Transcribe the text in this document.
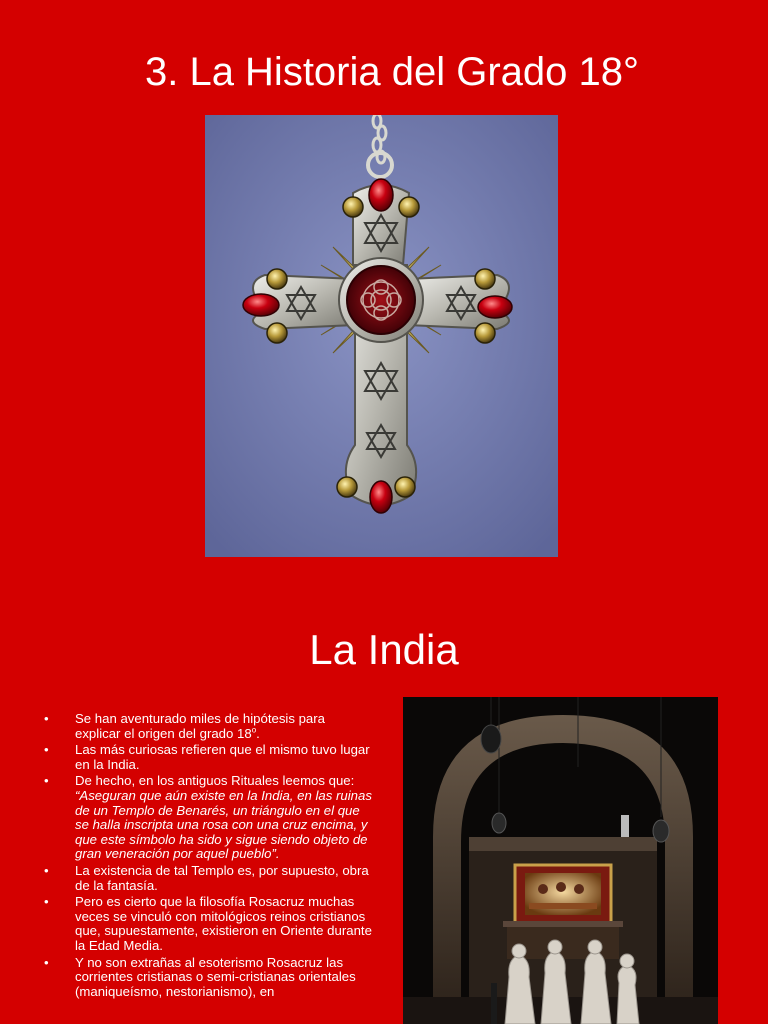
3. La Historia del Grado 18°
La India
• Se han aventurado miles de hipótesis para explicar el origen del grado 18$^o$.
• Las más curiosas refieren que el mismo tuvo lugar en la India.
• De hecho, en los antiguos Rituales leemos que: “Aseguran que aún existe en la India, en las ruinas de un Templo de Benarés, un triángulo en el que se halla inscripta una rosa con una cruz encima, y que este símbolo ha sido y sigue siendo objeto de gran veneración por aquel pueblo”.
• La existencia de tal Templo es, por supuesto, obra de la fantasía.
• Pero es cierto que la filosofía Rosacruz muchas veces se vinculó con mitológicos reinos cristianos que, supuestamente, existieron en Oriente durante la Edad Media.
• Y no son extrañas al esoterismo Rosacruz las corrientes cristianas o semi-cristianas orientales (maniqueísmo, nestorianismo), en
